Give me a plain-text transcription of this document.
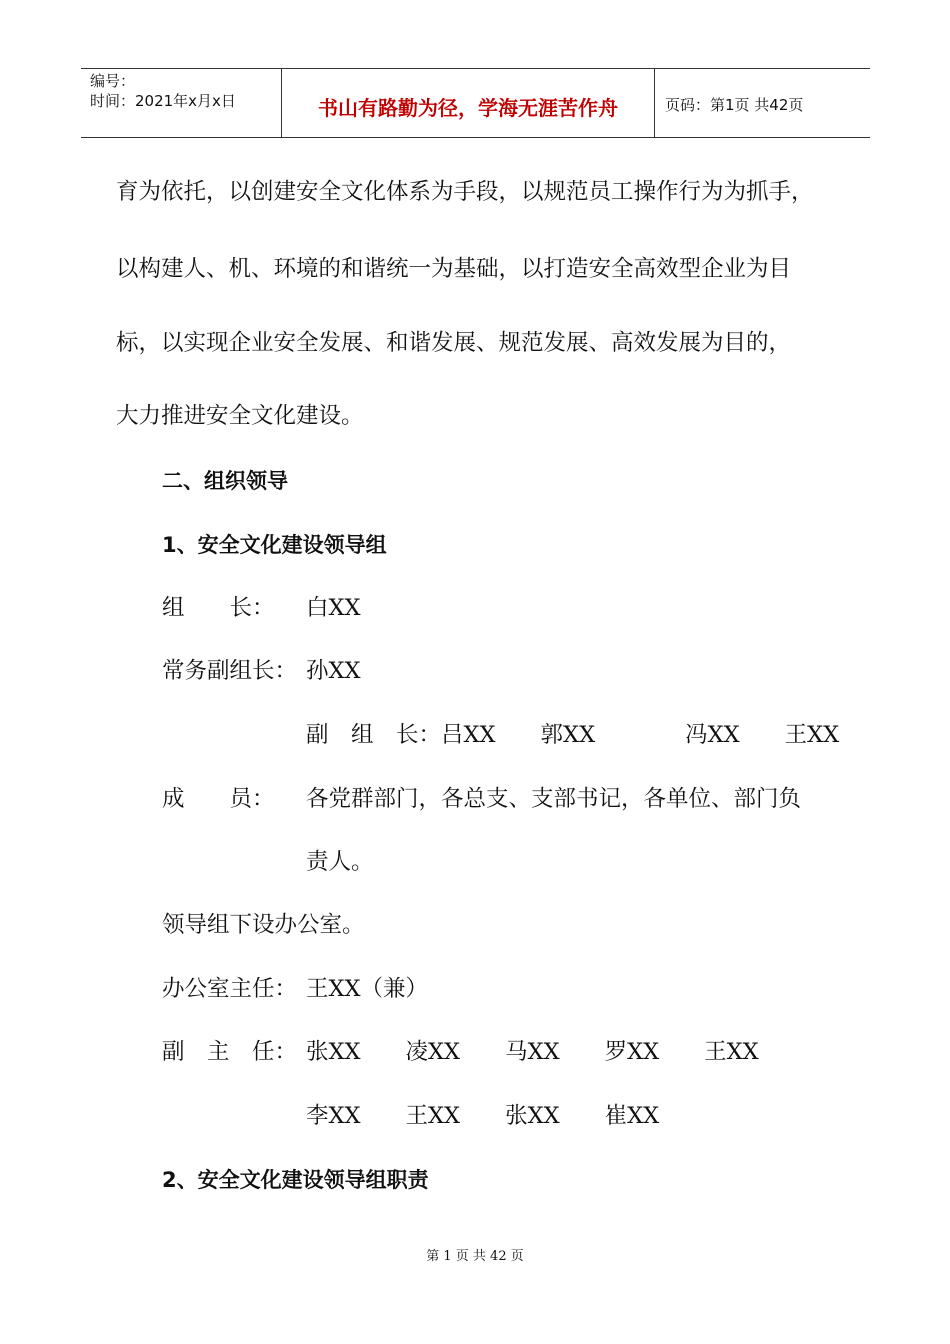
编号：
时间：2021年x月x日	书山有路勤为径，学海无涯苦作舟	页码：第1页 共42页
育为依托，以创建安全文化体系为手段，以规范员工操作行为为抓手，
以构建人、机、环境的和谐统一为基础，以打造安全高效型企业为目
标，以实现企业安全发展、和谐发展、规范发展、高效发展为目的，
大力推进安全文化建设。
二、组织领导
1、安全文化建设领导组
组　　长： 白XX
常务副组长： 孙XX
副　组　长：吕XX　　郭XX　　　　冯XX　　王XX
成　　员： 各党群部门，各总支、支部书记，各单位、部门负
责人。
领导组下设办公室。
办公室主任： 王XX（兼）
副　主　任： 张XX　　凌XX　　马XX　　罗XX　　王XX
李XX　　王XX　　张XX　　崔XX
2、安全文化建设领导组职责
第 1 页 共 42 页
